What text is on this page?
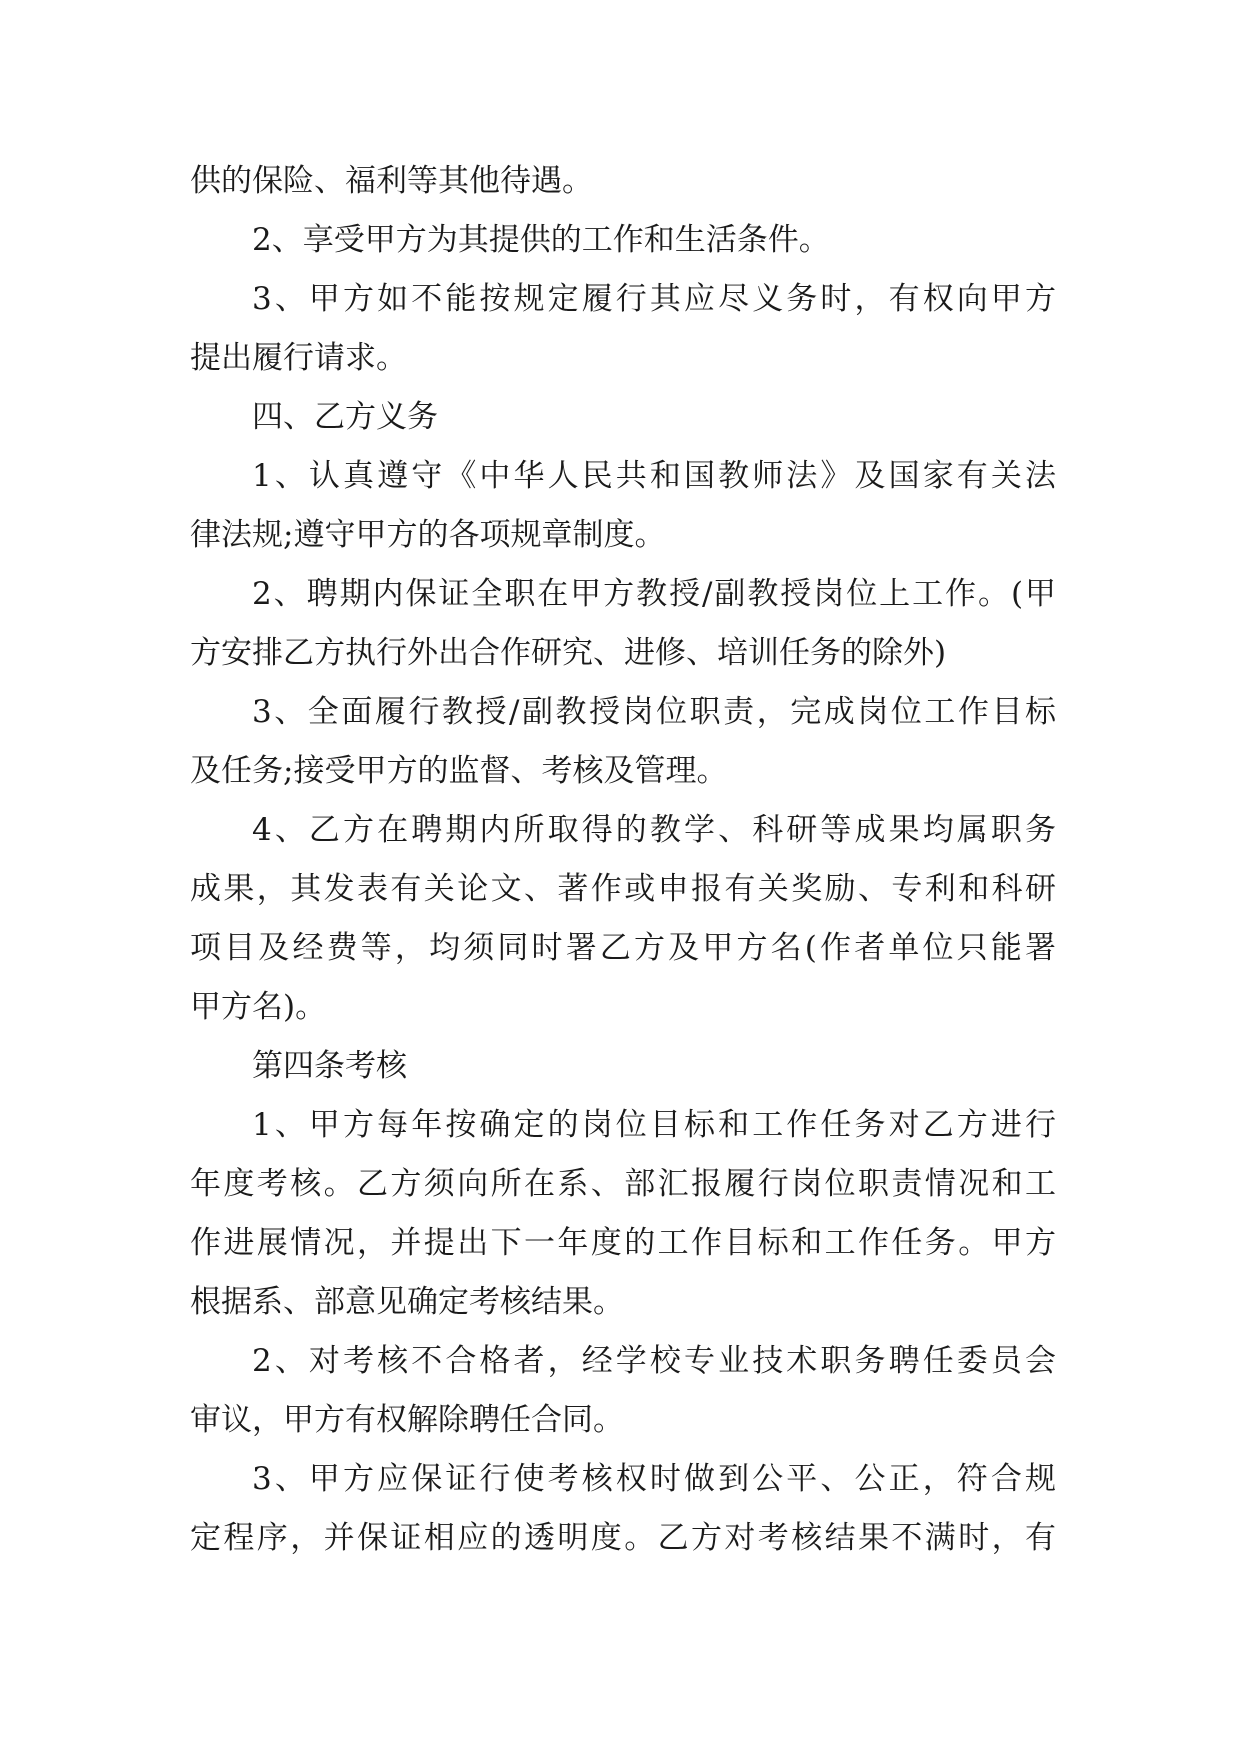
供的保险、福利等其他待遇。
2、享受甲方为其提供的工作和生活条件。
3、甲方如不能按规定履行其应尽义务时，有权向甲方
提出履行请求。
四、乙方义务
1、认真遵守《中华人民共和国教师法》及国家有关法
律法规;遵守甲方的各项规章制度。
2、聘期内保证全职在甲方教授/副教授岗位上工作。(甲
方安排乙方执行外出合作研究、进修、培训任务的除外)
3、全面履行教授/副教授岗位职责，完成岗位工作目标
及任务;接受甲方的监督、考核及管理。
4、乙方在聘期内所取得的教学、科研等成果均属职务
成果，其发表有关论文、著作或申报有关奖励、专利和科研
项目及经费等，均须同时署乙方及甲方名(作者单位只能署
甲方名)。
第四条考核
1、甲方每年按确定的岗位目标和工作任务对乙方进行
年度考核。乙方须向所在系、部汇报履行岗位职责情况和工
作进展情况，并提出下一年度的工作目标和工作任务。甲方
根据系、部意见确定考核结果。
2、对考核不合格者，经学校专业技术职务聘任委员会
审议，甲方有权解除聘任合同。
3、甲方应保证行使考核权时做到公平、公正，符合规
定程序，并保证相应的透明度。乙方对考核结果不满时，有
